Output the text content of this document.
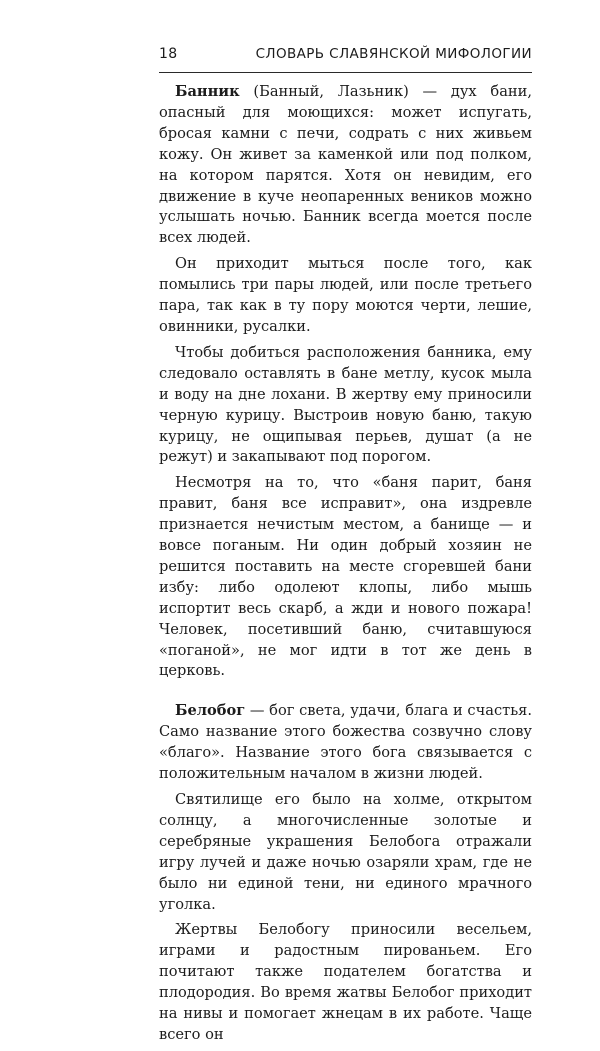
18	СЛОВАРЬ СЛАВЯНСКОЙ МИФОЛОГИИ

Банник (Банный, Лазьник) — дух бани, опасный для моющихся: может испугать, бросая камни с печи, содрать с них живьем кожу. Он живет за каменкой или под полком, на котором парятся. Хотя он невидим, его движение в куче неопаренных веников можно услышать ночью. Банник всегда моется после всех людей.

Он приходит мыться после того, как помылись три пары людей, или после третьего пара, так как в ту пору моются черти, лешие, овинники, русалки.

Чтобы добиться расположения банника, ему следовало оставлять в бане метлу, кусок мыла и воду на дне лохани. В жертву ему приносили черную курицу. Выстроив новую баню, такую курицу, не ощипывая перьев, душат (а не режут) и закапывают под порогом.

Несмотря на то, что «баня парит, баня правит, баня все исправит», она издревле признается нечистым местом, а банище — и вовсе поганым. Ни один добрый хозяин не решится поставить на месте сгоревшей бани избу: либо одолеют клопы, либо мышь испортит весь скарб, а жди и нового пожара! Человек, посетивший баню, считавшуюся «поганой», не мог идти в тот же день в церковь.

Белобог — бог света, удачи, блага и счастья. Само название этого божества созвучно слову «благо». Название этого бога связывается с положительным началом в жизни людей.

Святилище его было на холме, открытом солнцу, а многочисленные золотые и серебряные украшения Белобога отражали игру лучей и даже ночью озаряли храм, где не было ни единой тени, ни единого мрачного уголка.

Жертвы Белобогу приносили весельем, играми и радостным пированьем. Его почитают также подателем богатства и плодородия. Во время жатвы Белобог приходит на нивы и помогает жнецам в их работе. Чаще всего он
